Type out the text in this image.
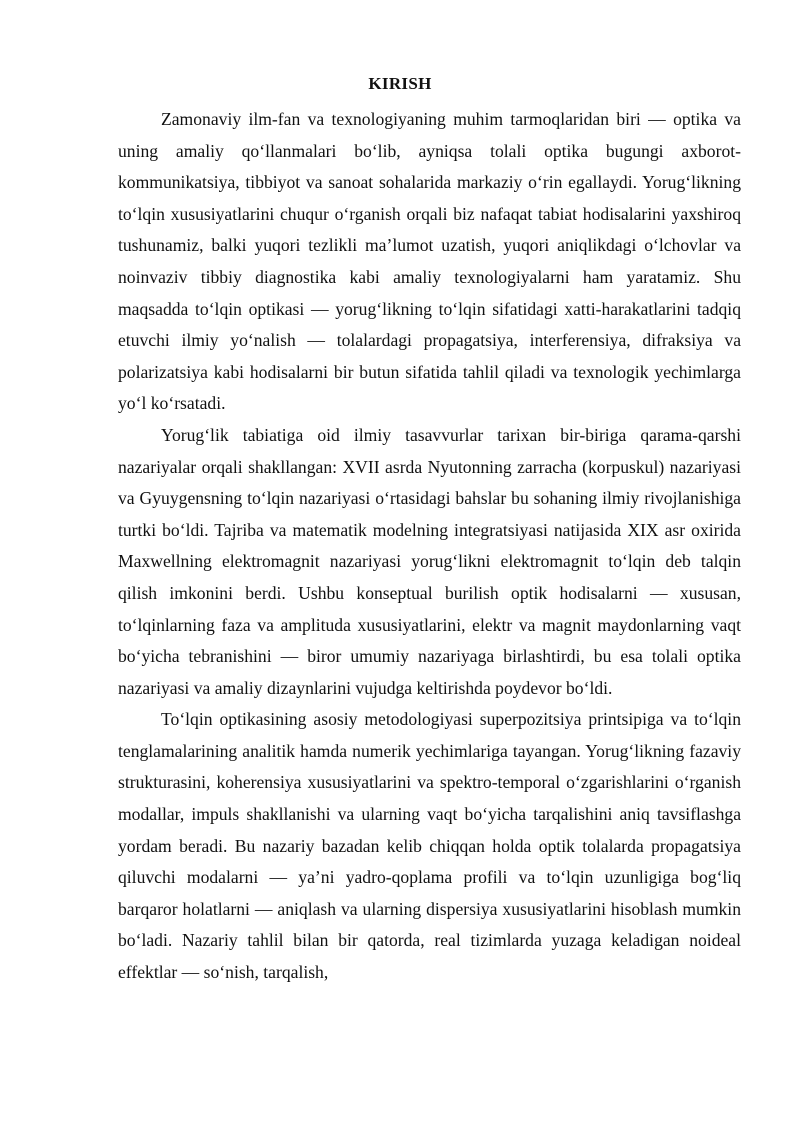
KIRISH

Zamonaviy ilm-fan va texnologiyaning muhim tarmoqlaridan biri — optika va uning amaliy qo‘llanmalari bo‘lib, ayniqsa tolali optika bugungi axborot-kommunikatsiya, tibbiyot va sanoat sohalarida markaziy o‘rin egallaydi. Yorug‘likning to‘lqin xususiyatlarini chuqur o‘rganish orqali biz nafaqat tabiat hodisalarini yaxshiroq tushunamiz, balki yuqori tezlikli ma’lumot uzatish, yuqori aniqlikdagi o‘lchovlar va noinvaziv tibbiy diagnostika kabi amaliy texnologiyalarni ham yaratamiz. Shu maqsadda to‘lqin optikasi — yorug‘likning to‘lqin sifatidagi xatti-harakatlarini tadqiq etuvchi ilmiy yo‘nalish — tolalardagi propagatsiya, interferensiya, difraksiya va polarizatsiya kabi hodisalarni bir butun sifatida tahlil qiladi va texnologik yechimlarga yo‘l ko‘rsatadi.

Yorug‘lik tabiatiga oid ilmiy tasavvurlar tarixan bir-biriga qarama-qarshi nazariyalar orqali shakllangan: XVII asrda Nyutonning zarracha (korpuskul) nazariyasi va Gyuygensning to‘lqin nazariyasi o‘rtasidagi bahslar bu sohaning ilmiy rivojlanishiga turtki bo‘ldi. Tajriba va matematik modelning integratsiyasi natijasida XIX asr oxirida Maxwellning elektromagnit nazariyasi yorug‘likni elektromagnit to‘lqin deb talqin qilish imkonini berdi. Ushbu konseptual burilish optik hodisalarni — xususan, to‘lqinlarning faza va amplituda xususiyatlarini, elektr va magnit maydonlarning vaqt bo‘yicha tebranishini — biror umumiy nazariyaga birlashtirdi, bu esa tolali optika nazariyasi va amaliy dizaynlarini vujudga keltirishda poydevor bo‘ldi.

To‘lqin optikasining asosiy metodologiyasi superpozitsiya printsipiga va to‘lqin tenglamalarining analitik hamda numerik yechimlariga tayangan. Yorug‘likning fazaviy strukturasini, koherensiya xususiyatlarini va spektro-temporal o‘zgarishlarini o‘rganish modallar, impuls shakllanishi va ularning vaqt bo‘yicha tarqalishini aniq tavsiflashga yordam beradi. Bu nazariy bazadan kelib chiqqan holda optik tolalarda propagatsiya qiluvchi modalarni — ya’ni yadro-qoplama profili va to‘lqin uzunligiga bog‘liq barqaror holatlarni — aniqlash va ularning dispersiya xususiyatlarini hisoblash mumkin bo‘ladi. Nazariy tahlil bilan bir qatorda, real tizimlarda yuzaga keladigan noideal effektlar — so‘nish, tarqalish,
